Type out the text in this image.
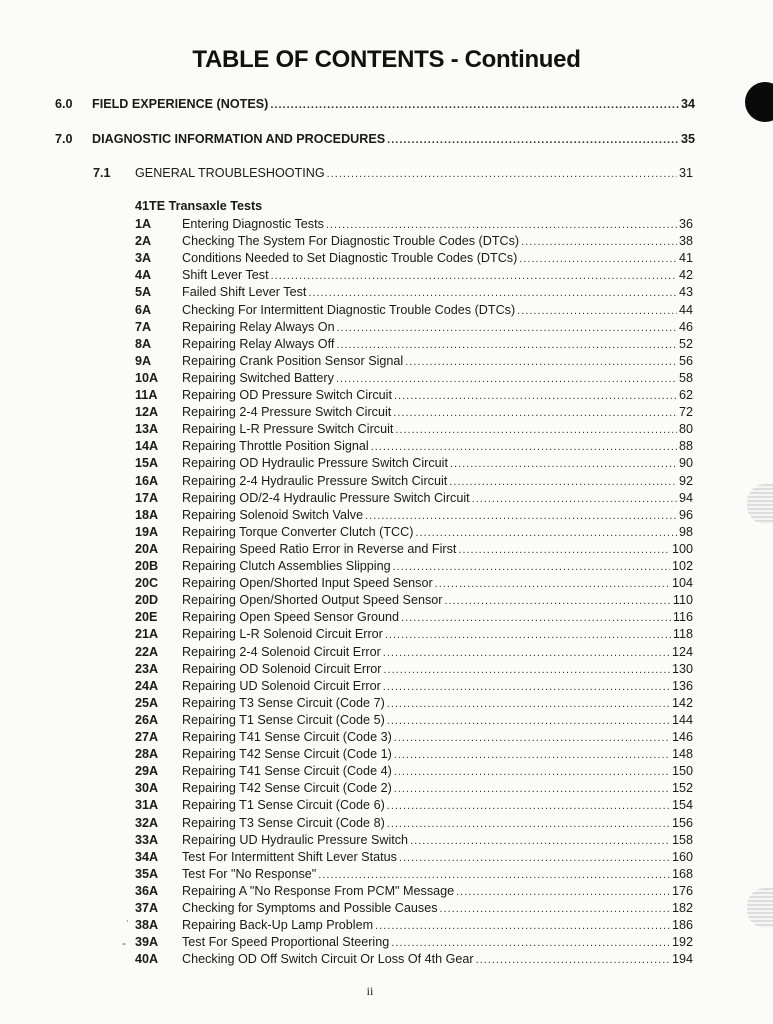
TABLE OF CONTENTS - Continued
6.0	FIELD EXPERIENCE (NOTES) .....	34
7.0	DIAGNOSTIC INFORMATION AND PROCEDURES .....	35
7.1	GENERAL TROUBLESHOOTING .....	31
41TE Transaxle Tests
1A	Entering Diagnostic Tests .....	36
2A	Checking The System For Diagnostic Trouble Codes (DTCs) .....	38
3A	Conditions Needed to Set Diagnostic Trouble Codes (DTCs) .....	41
4A	Shift Lever Test .....	42
5A	Failed Shift Lever Test .....	43
6A	Checking For Intermittent Diagnostic Trouble Codes (DTCs) .....	44
7A	Repairing Relay Always On .....	46
8A	Repairing Relay Always Off .....	52
9A	Repairing Crank Position Sensor Signal .....	56
10A	Repairing Switched Battery .....	58
11A	Repairing OD Pressure Switch Circuit .....	62
12A	Repairing 2-4 Pressure Switch Circuit .....	72
13A	Repairing L-R Pressure Switch Circuit .....	80
14A	Repairing Throttle Position Signal .....	88
15A	Repairing OD Hydraulic Pressure Switch Circuit .....	90
16A	Repairing 2-4 Hydraulic Pressure Switch Circuit .....	92
17A	Repairing OD/2-4 Hydraulic Pressure Switch Circuit .....	94
18A	Repairing Solenoid Switch Valve .....	96
19A	Repairing Torque Converter Clutch (TCC) .....	98
20A	Repairing Speed Ratio Error in Reverse and First .....	100
20B	Repairing Clutch Assemblies Slipping .....	102
20C	Repairing Open/Shorted Input Speed Sensor .....	104
20D	Repairing Open/Shorted Output Speed Sensor .....	110
20E	Repairing Open Speed Sensor Ground .....	116
21A	Repairing L-R Solenoid Circuit Error .....	118
22A	Repairing 2-4 Solenoid Circuit Error .....	124
23A	Repairing OD Solenoid Circuit Error .....	130
24A	Repairing UD Solenoid Circuit Error .....	136
25A	Repairing T3 Sense Circuit (Code 7) .....	142
26A	Repairing T1 Sense Circuit (Code 5) .....	144
27A	Repairing T41 Sense Circuit (Code 3) .....	146
28A	Repairing T42 Sense Circuit (Code 1) .....	148
29A	Repairing T41 Sense Circuit (Code 4) .....	150
30A	Repairing T42 Sense Circuit (Code 2) .....	152
31A	Repairing T1 Sense Circuit (Code 6) .....	154
32A	Repairing T3 Sense Circuit (Code 8) .....	156
33A	Repairing UD Hydraulic Pressure Switch .....	158
34A	Test For Intermittent Shift Lever Status .....	160
35A	Test For "No Response" .....	168
36A	Repairing A "No Response From PCM" Message .....	176
37A	Checking for Symptoms and Possible Causes .....	182
38A	Repairing Back-Up Lamp Problem .....	186
39A	Test For Speed Proportional Steering .....	192
40A	Checking OD Off Switch Circuit Or Loss Of 4th Gear .....	194
ii
˙
-
